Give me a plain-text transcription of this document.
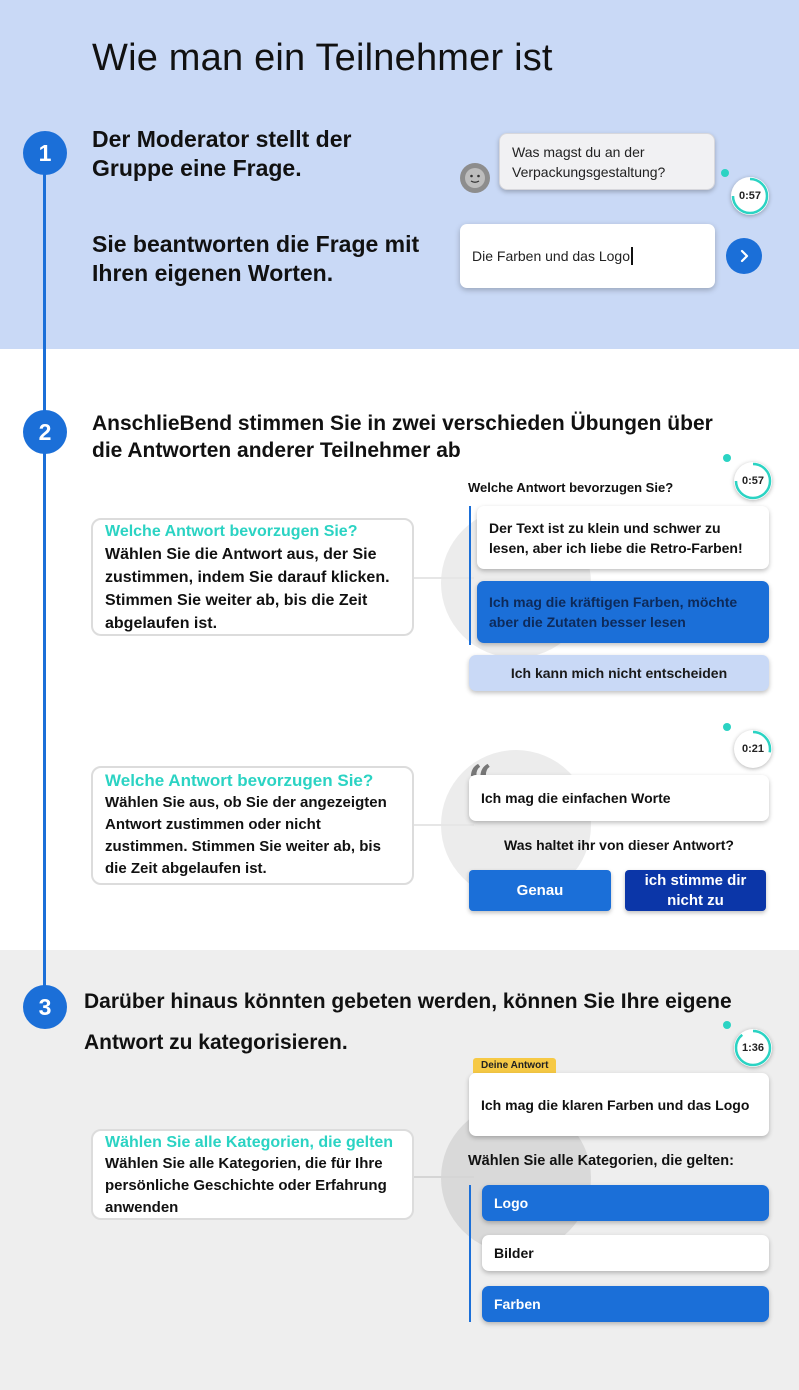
Wie man ein Teilnehmer ist
1
Der Moderator stellt der Gruppe eine Frage.
Sie beantworten die Frage mit Ihren eigenen Worten.
Was magst du an der Verpackungsgestaltung?
0:57
Die Farben und das Logo
2	AnschlieBend stimmen Sie in zwei verschieden Übungen über die Antworten anderer Teilnehmer ab
Welche Antwort bevorzugen Sie?
Wählen Sie die Antwort aus, der Sie zustimmen, indem Sie darauf klicken. Stimmen Sie weiter ab, bis die Zeit abgelaufen ist.
Welche Antwort bevorzugen Sie?	0:57
Der Text ist zu klein und schwer zu lesen, aber ich liebe die Retro-Farben!
Ich mag die kräftigen Farben, möchte aber die Zutaten besser lesen
Ich kann mich nicht entscheiden
Welche Antwort bevorzugen Sie?
Wählen Sie aus, ob Sie der angezeigten Antwort zustimmen oder nicht zustimmen. Stimmen Sie weiter ab, bis die Zeit abgelaufen ist.
0:21
Ich mag die einfachen Worte
Was haltet ihr von dieser Antwort?
Genau
ich stimme dir nicht zu
3	Darüber hinaus könnten gebeten werden, können Sie Ihre eigene
Antwort zu kategorisieren.
Wählen Sie alle Kategorien, die gelten
Wählen Sie alle Kategorien, die für Ihre persönliche Geschichte oder Erfahrung anwenden
1:36
Deine Antwort
Ich mag die klaren Farben und das Logo
Wählen Sie alle Kategorien, die gelten:
Logo
Bilder
Farben
